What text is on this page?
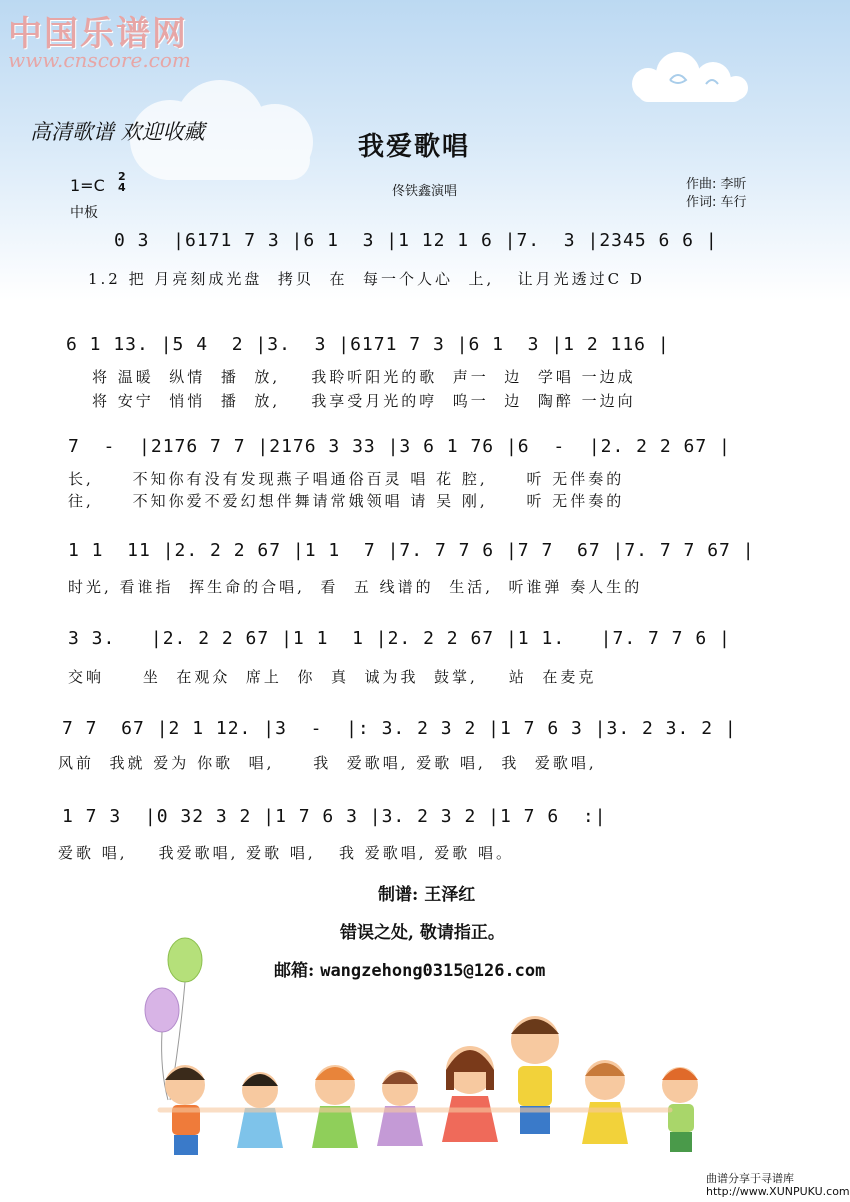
中国乐谱网
www.cnscore.com
高清歌谱 欢迎收藏	我爱歌唱
1=C 2
4
中板
佟铁鑫演唱	作曲: 李昕
作词: 车行
0 3  |6171 7 3 |6 1  3 |1 12 1 6 |7.  3 |2345 6 6 |
1.2 把 月亮刻成光盘  拷贝  在  每一个人心  上,   让月光透过C D
6 1 13. |5 4  2 |3.  3 |6171 7 3 |6 1  3 |1 2 116 |
将 温暖  纵情  播  放,    我聆听阳光的歌  声一  边  学唱 一边成
将 安宁  悄悄  播  放,    我享受月光的哼  呜一  边  陶醉 一边向
7  -  |2176 7 7 |2176 3 33 |3 6 1 76 |6  -  |2. 2 2 67 |
长,     不知你有没有发现燕子唱通俗百灵 唱 花 腔,     听 无伴奏的
往,     不知你爱不爱幻想伴舞请常娥领唱 请 吴 刚,     听 无伴奏的
1 1  11 |2. 2 2 67 |1 1  7 |7. 7 7 6 |7 7  67 |7. 7 7 67 |
时光, 看谁指  挥生命的合唱,  看  五 线谱的  生活,  听谁弹 奏人生的
3 3.   |2. 2 2 67 |1 1  1 |2. 2 2 67 |1 1.   |7. 7 7 6 |
交响     坐  在观众  席上  你  真  诚为我  鼓掌,    站  在麦克
7 7  67 |2 1 12. |3  -  |: 3. 2 3 2 |1 7 6 3 |3. 2 3. 2 |
风前  我就 爱为 你歌  唱,     我  爱歌唱, 爱歌 唱,  我  爱歌唱,
1 7 3  |0 32 3 2 |1 7 6 3 |3. 2 3 2 |1 7 6  :|
爱歌 唱,    我爱歌唱, 爱歌 唱,   我 爱歌唱, 爱歌 唱。
制谱: 王泽红
错误之处, 敬请指正。
邮箱: wangzehong0315@126.com
曲谱分享于寻谱库
http://www.XUNPUKU.com
